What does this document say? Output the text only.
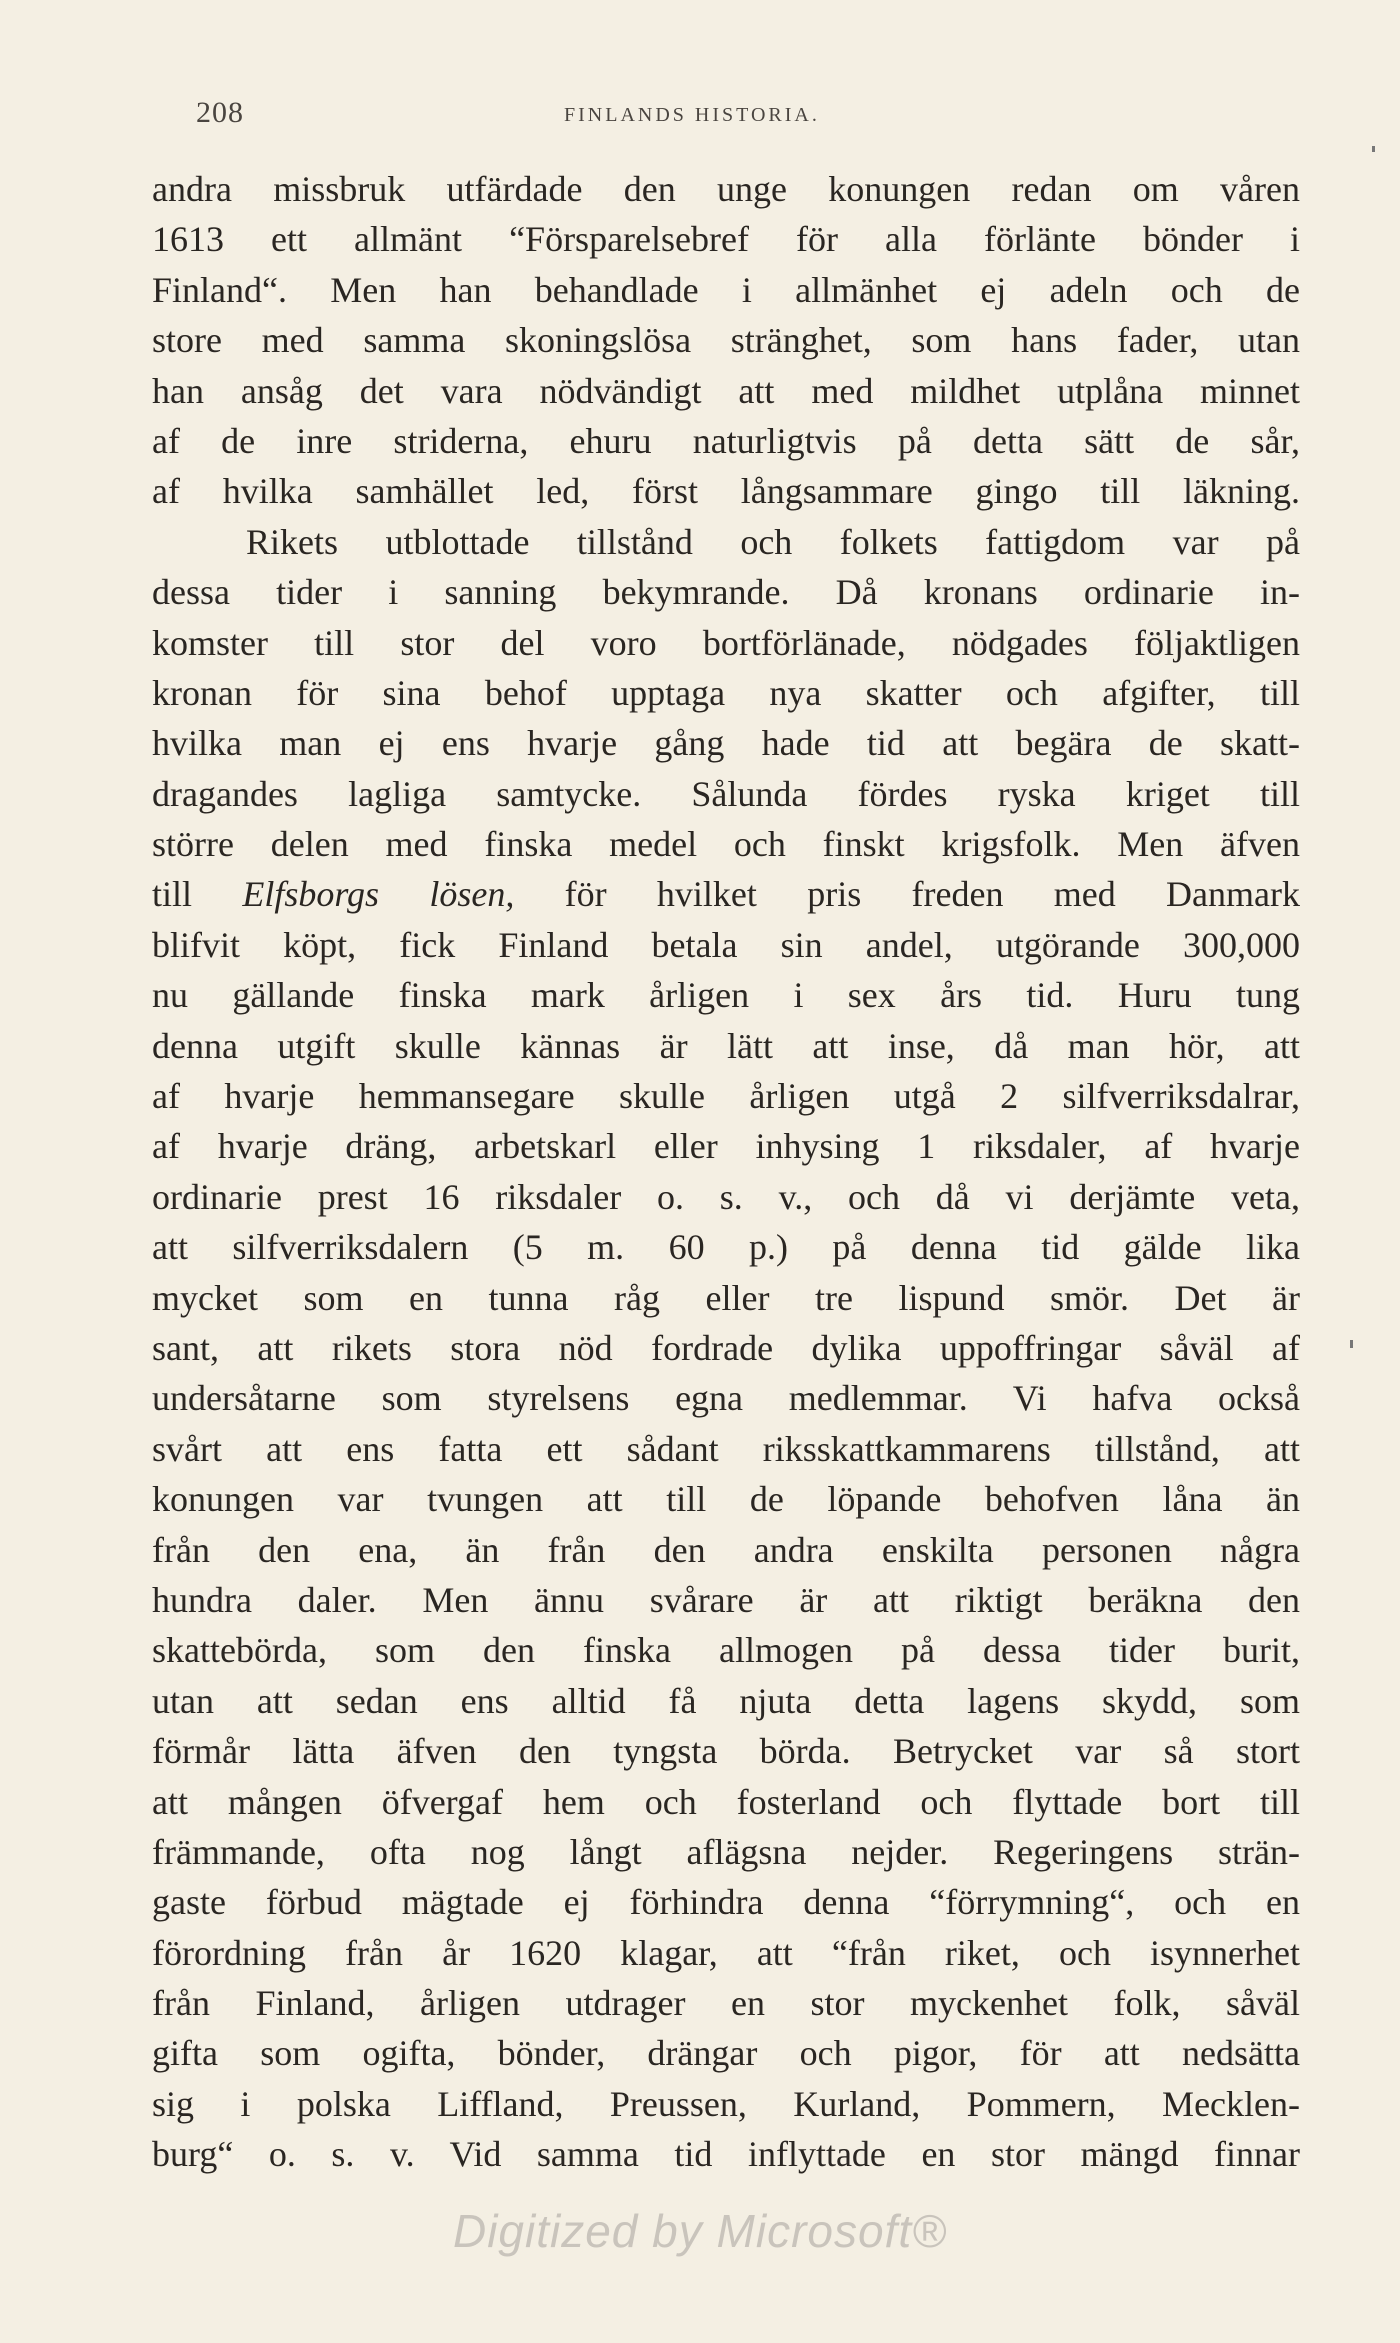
208	FINLANDS HISTORIA.
andra missbruk utfärdade den unge konungen redan om våren
1613 ett allmänt “Försparelsebref för alla förlänte bönder i
Finland“. Men han behandlade i allmänhet ej adeln och de
store med samma skoningslösa stränghet, som hans fader, utan
han ansåg det vara nödvändigt att med mildhet utplåna minnet
af de inre striderna, ehuru naturligtvis på detta sätt de sår,
af hvilka samhället led, först långsammare gingo till läkning.
Rikets utblottade tillstånd och folkets fattigdom var på
dessa tider i sanning bekymrande. Då kronans ordinarie in-
komster till stor del voro bortförlänade, nödgades följaktligen
kronan för sina behof upptaga nya skatter och afgifter, till
hvilka man ej ens hvarje gång hade tid att begära de skatt-
dragandes lagliga samtycke. Sålunda fördes ryska kriget till
större delen med finska medel och finskt krigsfolk. Men äfven
till Elfsborgs lösen, för hvilket pris freden med Danmark
blifvit köpt, fick Finland betala sin andel, utgörande 300,000
nu gällande finska mark årligen i sex års tid. Huru tung
denna utgift skulle kännas är lätt att inse, då man hör, att
af hvarje hemmansegare skulle årligen utgå 2 silfverriksdalrar,
af hvarje dräng, arbetskarl eller inhysing 1 riksdaler, af hvarje
ordinarie prest 16 riksdaler o. s. v., och då vi derjämte veta,
att silfverriksdalern (5 m. 60 p.) på denna tid gälde lika
mycket som en tunna råg eller tre lispund smör. Det är
sant, att rikets stora nöd fordrade dylika uppoffringar såväl af
undersåtarne som styrelsens egna medlemmar. Vi hafva också
svårt att ens fatta ett sådant riksskattkammarens tillstånd, att
konungen var tvungen att till de löpande behofven låna än
från den ena, än från den andra enskilta personen några
hundra daler. Men ännu svårare är att riktigt beräkna den
skattebörda, som den finska allmogen på dessa tider burit,
utan att sedan ens alltid få njuta detta lagens skydd, som
förmår lätta äfven den tyngsta börda. Betrycket var så stort
att mången öfvergaf hem och fosterland och flyttade bort till
främmande, ofta nog långt aflägsna nejder. Regeringens strän-
gaste förbud mägtade ej förhindra denna “förrymning“, och en
förordning från år 1620 klagar, att “från riket, och isynnerhet
från Finland, årligen utdrager en stor myckenhet folk, såväl
gifta som ogifta, bönder, drängar och pigor, för att nedsätta
sig i polska Liffland, Preussen, Kurland, Pommern, Mecklen-
burg“ o. s. v. Vid samma tid inflyttade en stor mängd finnar
Digitized by Microsoft®
